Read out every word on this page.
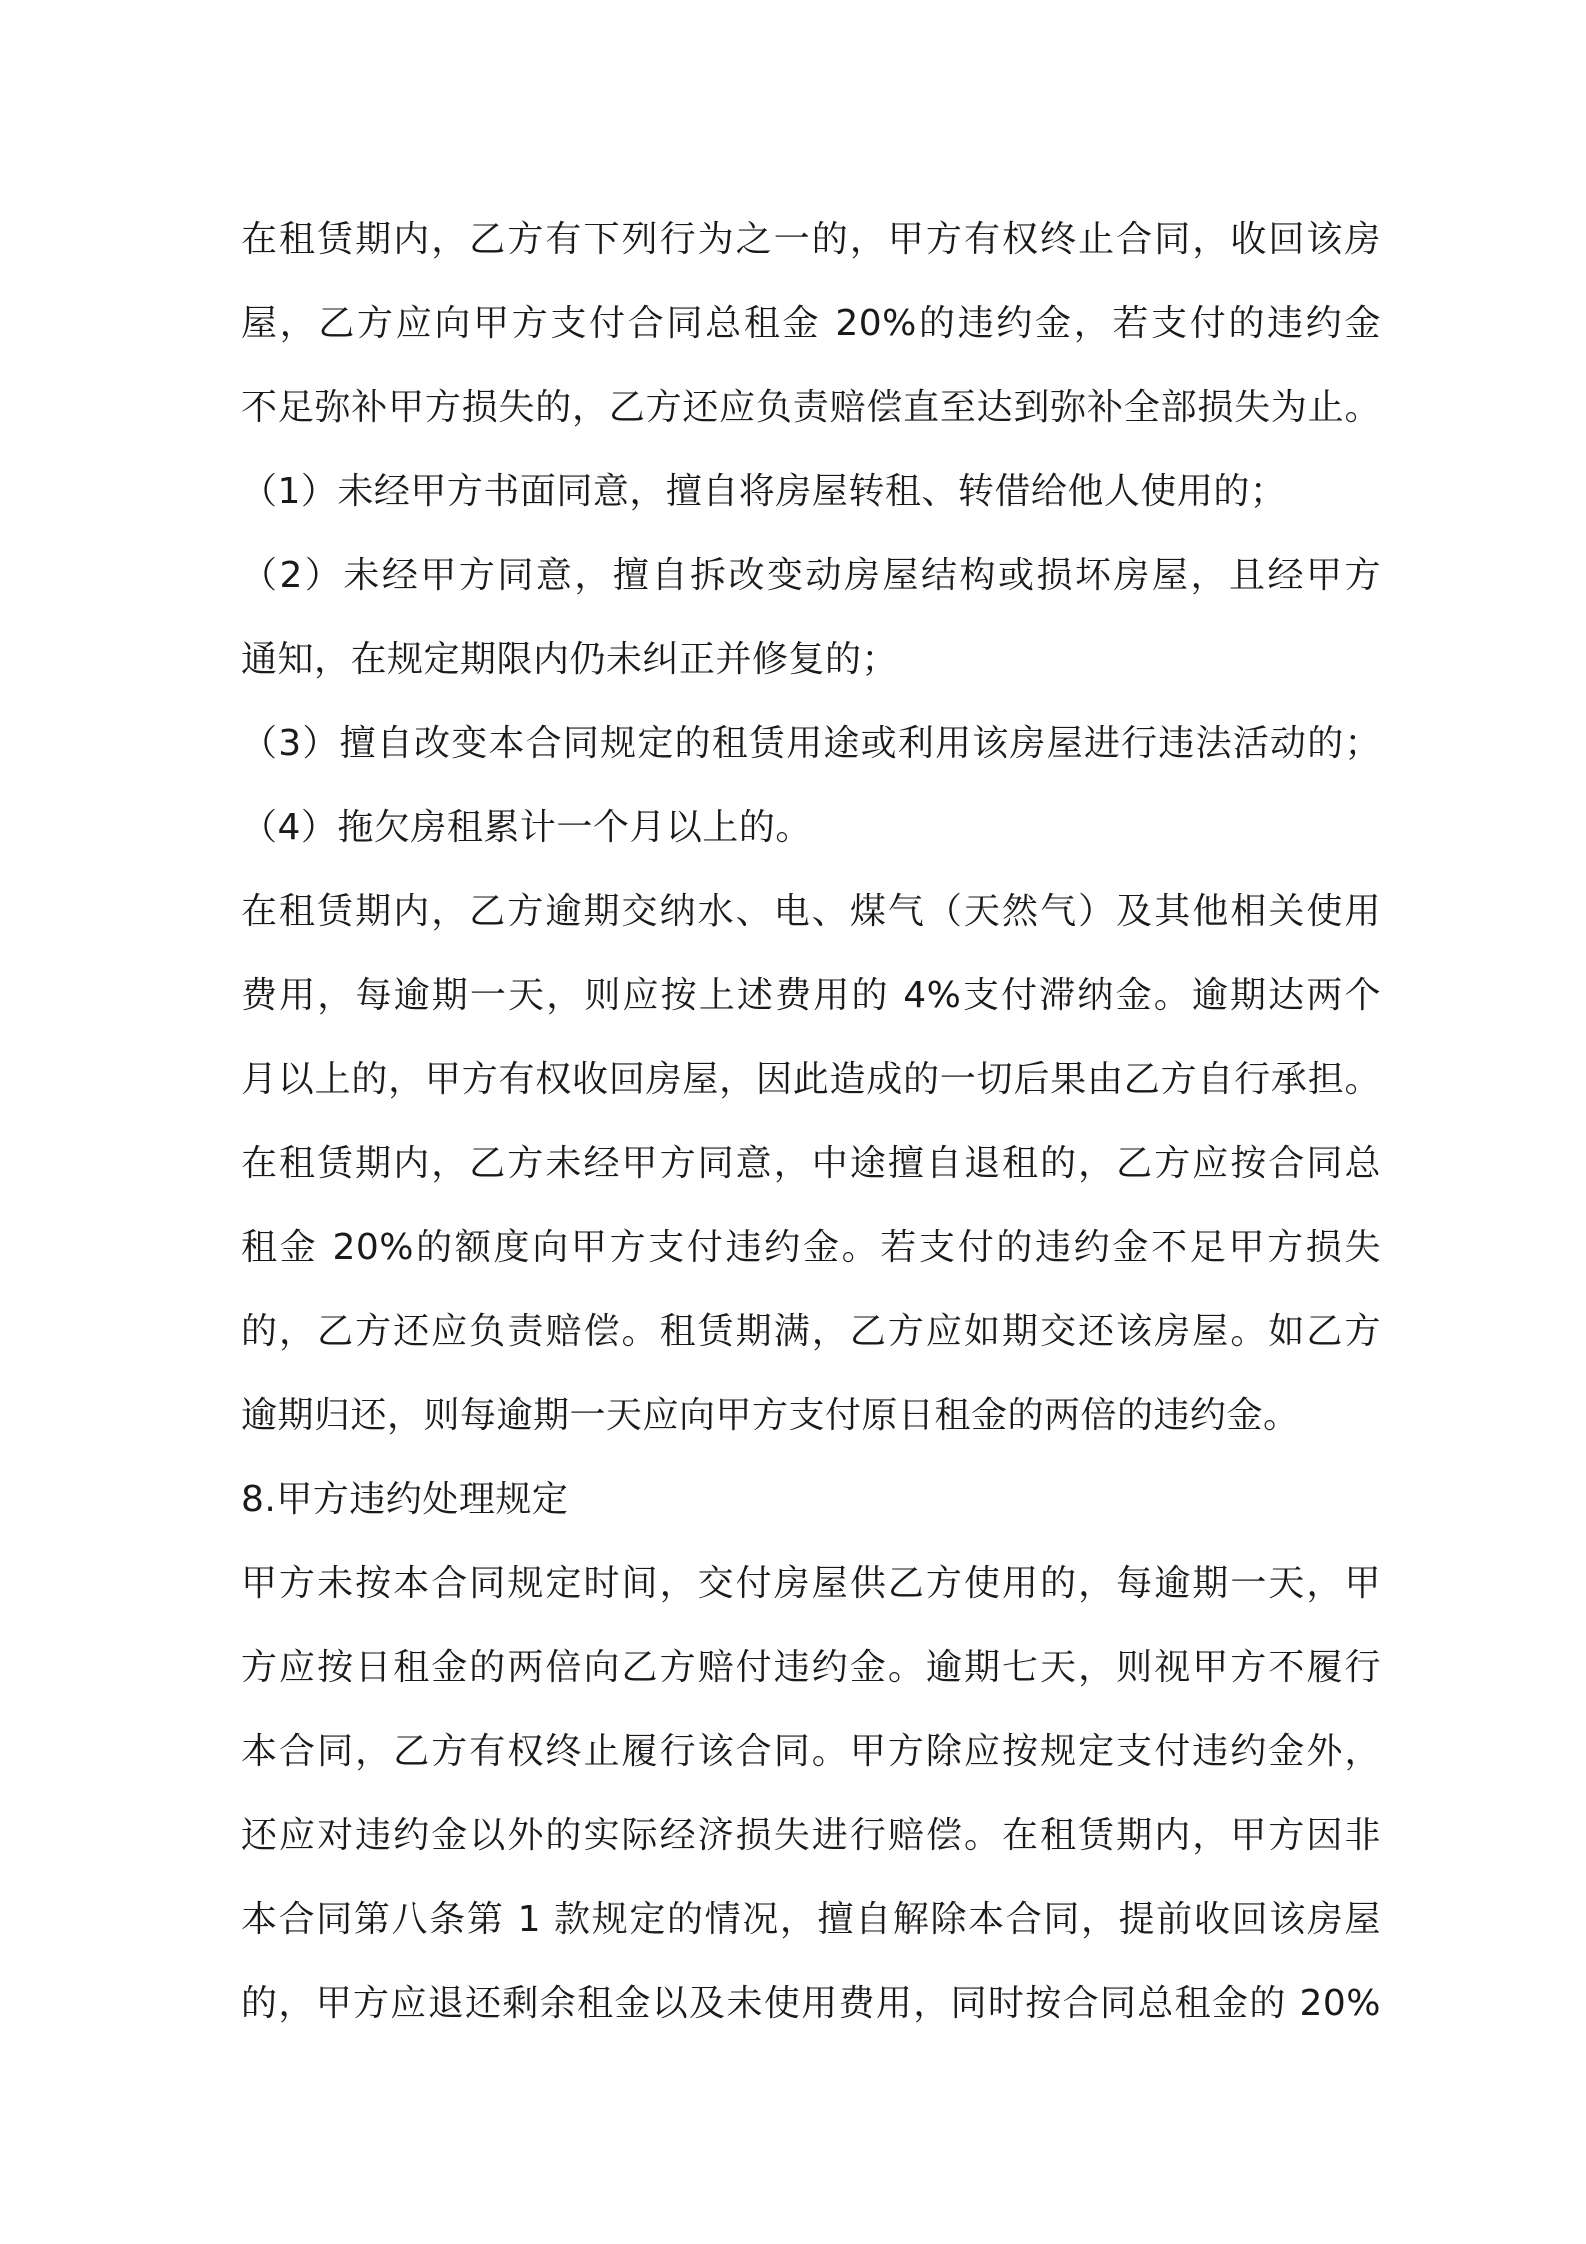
在租赁期内，乙方有下列行为之一的，甲方有权终止合同，收回该房
屋，乙方应向甲方支付合同总租金 20%的违约金，若支付的违约金
不足弥补甲方损失的，乙方还应负责赔偿直至达到弥补全部损失为止。
（1）未经甲方书面同意，擅自将房屋转租、转借给他人使用的；
（2）未经甲方同意，擅自拆改变动房屋结构或损坏房屋，且经甲方
通知，在规定期限内仍未纠正并修复的；
（3）擅自改变本合同规定的租赁用途或利用该房屋进行违法活动的；
（4）拖欠房租累计一个月以上的。
在租赁期内，乙方逾期交纳水、电、煤气（天然气）及其他相关使用
费用，每逾期一天，则应按上述费用的 4%支付滞纳金。逾期达两个
月以上的，甲方有权收回房屋，因此造成的一切后果由乙方自行承担。
在租赁期内，乙方未经甲方同意，中途擅自退租的，乙方应按合同总
租金 20%的额度向甲方支付违约金。若支付的违约金不足甲方损失
的，乙方还应负责赔偿。租赁期满，乙方应如期交还该房屋。如乙方
逾期归还，则每逾期一天应向甲方支付原日租金的两倍的违约金。
8.甲方违约处理规定
甲方未按本合同规定时间，交付房屋供乙方使用的，每逾期一天，甲
方应按日租金的两倍向乙方赔付违约金。逾期七天，则视甲方不履行
本合同，乙方有权终止履行该合同。甲方除应按规定支付违约金外，
还应对违约金以外的实际经济损失进行赔偿。在租赁期内，甲方因非
本合同第八条第 1 款规定的情况，擅自解除本合同，提前收回该房屋
的，甲方应退还剩余租金以及未使用费用，同时按合同总租金的 20%
